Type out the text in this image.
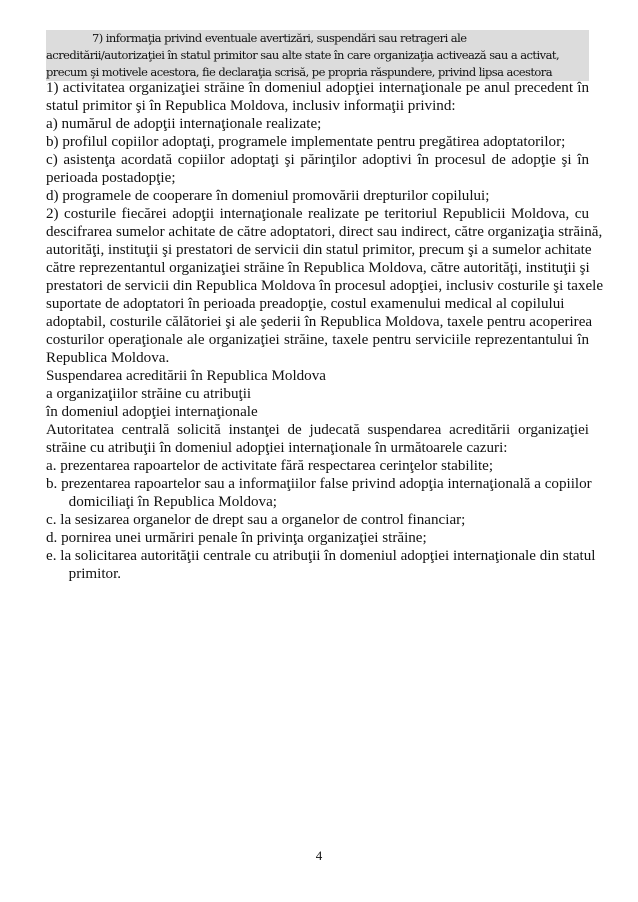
7) informaţia privind eventuale avertizări, suspendări sau retrageri ale
acreditării/autorizaţiei în statul primitor sau alte state în care organizaţia activează sau a activat,
precum şi motivele acestora, fie declaraţia scrisă, pe propria răspundere, privind lipsa acestora
1) activitatea organizaţiei străine în domeniul adopţiei internaţionale pe anul precedent în
statul primitor şi în Republica Moldova, inclusiv informaţii privind:
a) numărul de adopţii internaţionale realizate;
b) profilul copiilor adoptaţi, programele implementate pentru pregătirea adoptatorilor;
c) asistenţa acordată copiilor adoptaţi şi părinţilor adoptivi în procesul de adopţie şi în
perioada postadopţie;
d) programele de cooperare în domeniul promovării drepturilor copilului;
2) costurile fiecărei adopţii internaţionale realizate pe teritoriul Republicii Moldova, cu
descifrarea sumelor achitate de către adoptatori, direct sau indirect, către organizaţia străină,
autorităţi, instituţii şi prestatori de servicii din statul primitor, precum şi a sumelor achitate
către reprezentantul organizaţiei străine în Republica Moldova, către autorităţi, instituţii şi
prestatori de servicii din Republica Moldova în procesul adopţiei, inclusiv costurile şi taxele
suportate de adoptatori în perioada preadopţie, costul examenului medical al copilului
adoptabil, costurile călătoriei şi ale şederii în Republica Moldova, taxele pentru acoperirea
costurilor operaţionale ale organizaţiei străine, taxele pentru serviciile reprezentantului în
Republica Moldova.
Suspendarea acreditării în Republica Moldova
a organizaţiilor străine cu atribuţii
în domeniul adopţiei internaţionale
Autoritatea centrală solicită instanţei de judecată suspendarea acreditării organizaţiei
străine cu atribuţii în domeniul adopţiei internaţionale în următoarele cazuri:
a. prezentarea rapoartelor de activitate fără respectarea cerinţelor stabilite;
b. prezentarea rapoartelor sau a informaţiilor false privind adopţia internaţională a copiilor
domiciliaţi în Republica Moldova;
c. la sesizarea organelor de drept sau a organelor de control financiar;
d. pornirea unei urmăriri penale în privinţa organizaţiei străine;
e. la solicitarea autorităţii centrale cu atribuţii în domeniul adopţiei internaţionale din statul
primitor.
4
